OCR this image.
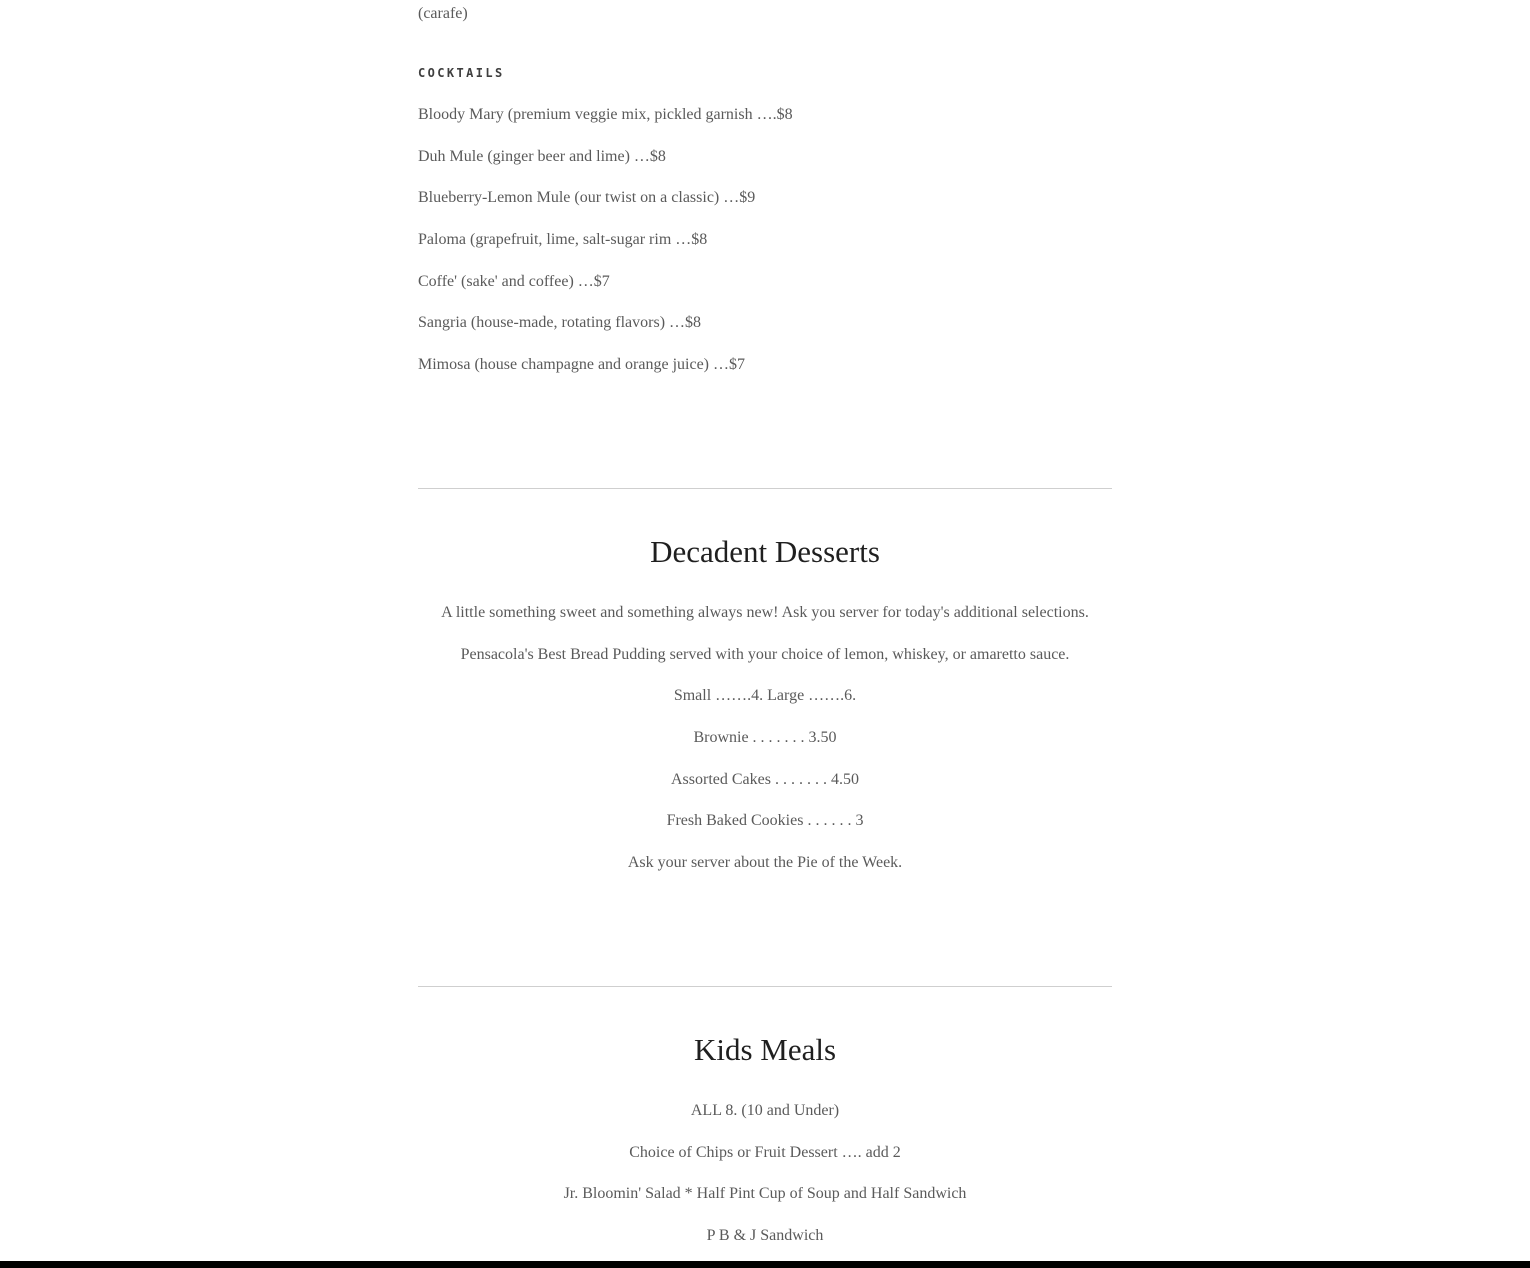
(carafe)
COCKTAILS
Bloody Mary (premium veggie mix, pickled garnish ….$8
Duh Mule (ginger beer and lime) …$8
Blueberry-Lemon Mule (our twist on a classic) …$9
Paloma (grapefruit, lime, salt-sugar rim …$8
Coffe' (sake' and coffee) …$7
Sangria (house-made, rotating flavors) …$8
Mimosa (house champagne and orange juice) …$7
Decadent Desserts
A little something sweet and something always new! Ask you server for today's additional selections.
Pensacola's Best Bread Pudding served with your choice of lemon, whiskey, or amaretto sauce.
Small …….4. Large …….6.
Brownie . . . . . . . 3.50
Assorted Cakes . . . . . . . 4.50
Fresh Baked Cookies . . . . . . 3
Ask your server about the Pie of the Week.
Kids Meals
ALL 8. (10 and Under)
Choice of Chips or Fruit Dessert …. add 2
Jr. Bloomin' Salad * Half Pint Cup of Soup and Half Sandwich
P B & J Sandwich
